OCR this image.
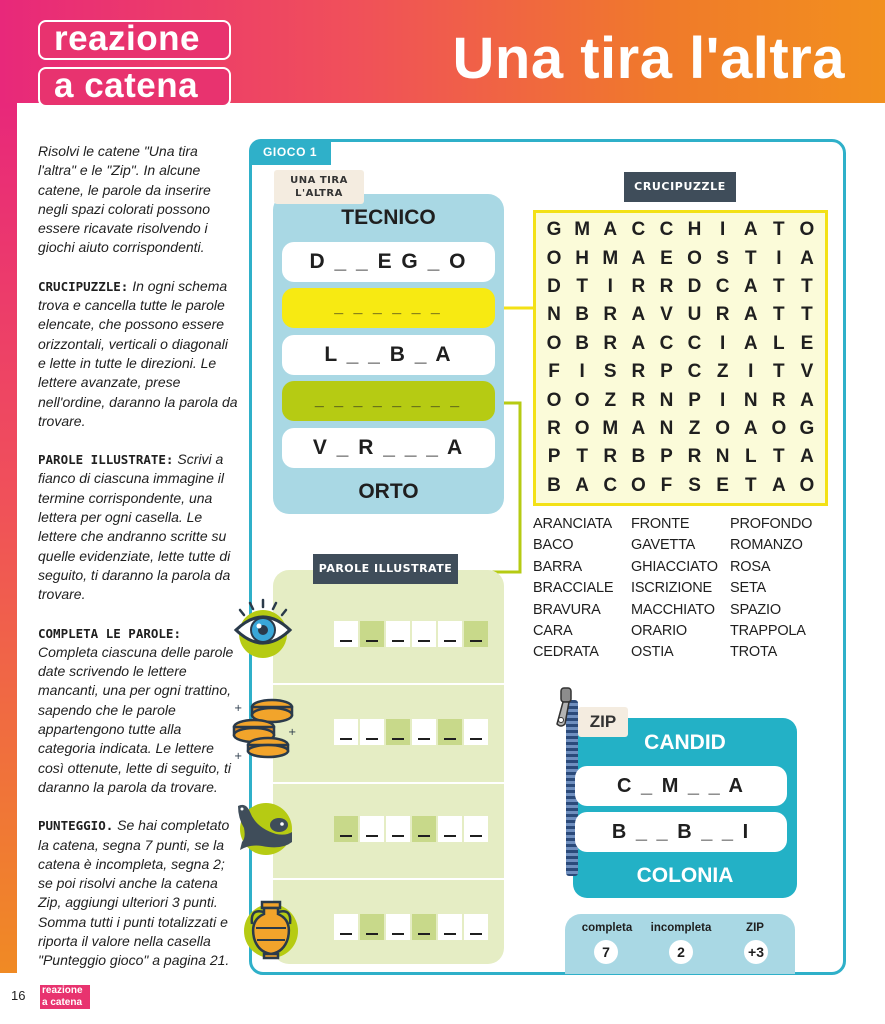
reazione
a catena	Una tira l'altra

Risolvi le catene "Una tira l'altra" e le "Zip". In alcune catene, le parole da inserire negli spazi colorati possono essere ricavate risolvendo i giochi aiuto corrispondenti.

CRUCIPUZZLE: In ogni schema trova e cancella tutte le parole elencate, che possono essere orizzontali, verticali o diagonali e lette in tutte le direzioni. Le lettere avanzate, prese nell'ordine, daranno la parola da trovare.

PAROLE ILLUSTRATE: Scrivi a fianco di ciascuna immagine il termine corrispondente, una lettera per ogni casella. Le lettere che andranno scritte su quelle evidenziate, lette tutte di seguito, ti daranno la parola da trovare.

COMPLETA LE PAROLE: Completa ciascuna delle parole date scrivendo le lettere mancanti, una per ogni trattino, sapendo che le parole appartengono tutte alla categoria indicata. Le lettere così ottenute, lette di seguito, ti daranno la parola da trovare.

PUNTEGGIO. Se hai completato la catena, segna 7 punti, se la catena è incompleta, segna 2; se poi risolvi anche la catena Zip, aggiungi ulteriori 3 punti. Somma tutti i punti totalizzati e riporta il valore nella casella "Punteggio gioco" a pagina 21.

GIOCO 1
UNA TIRA L'ALTRA
TECNICO
D _ _ E G _ O
_ _ _ _ _ _
L _ _ B _ A
_ _ _ _ _ _ _ _
V _ R _ _ _ A
ORTO
CRUCIPUZZLE
G M A C C H I A T O
O H M A E O S T	I A
D T	I R R D C A T T
N B R A V U R A T T
O B R A C C I A L E
F	I	S R P C Z	I	T V
O O Z R N P	I N R A
R O M A N Z O A O G
P T R B P R N L T A
B A C O F S E T A O
ARANCIATA
BACO
BARRA
BRACCIALE
BRAVURA
CARA
CEDRATA
FRONTE
GAVETTA
GHIACCIATO
ISCRIZIONE
MACCHIATO
ORARIO
OSTIA
PROFONDO
ROMANZO
ROSA
SETA
SPAZIO
TRAPPOLA
TROTA
PAROLE ILLUSTRATE
+
+
+
ZIP
CANDID
C _ M _ _ A
B _ _ B _ _ I
COLONIA
completa
7
incompleta
2
ZIP
+3
16 reazione
a catena
